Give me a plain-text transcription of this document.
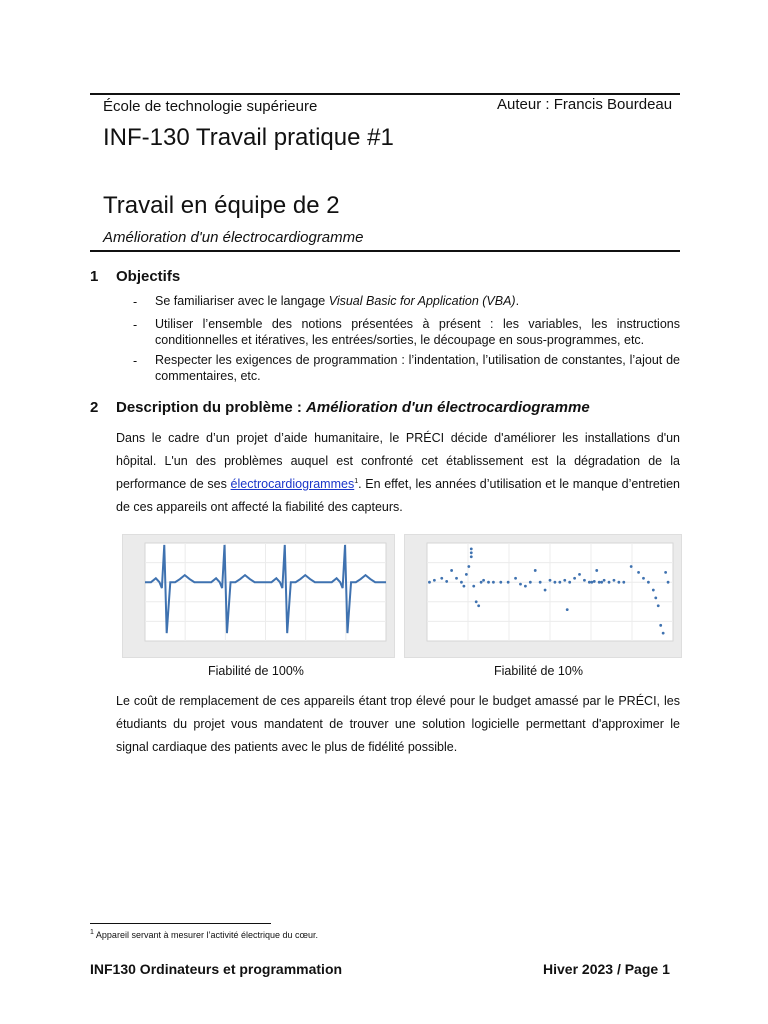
École de technologie supérieure	Auteur : Francis Bourdeau
INF-130 Travail pratique #1
Travail en équipe de 2
Amélioration d'un électrocardiogramme
1 Objectifs
- Se familiariser avec le langage Visual Basic for Application (VBA).
- Utiliser l’ensemble des notions présentées à présent : les variables, les instructions conditionnelles et itératives, les entrées/sorties, le découpage en sous-programmes, etc.
- Respecter les exigences de programmation : l’indentation, l’utilisation de constantes, l’ajout de commentaires, etc.
2 Description du problème : Amélioration d'un électrocardiogramme
Dans le cadre d’un projet d’aide humanitaire, le PRÉCI décide d'améliorer les installations d'un hôpital. L'un des problèmes auquel est confronté cet établissement est la dégradation de la performance de ses électrocardiogrammes$^1$. En effet, les années d’utilisation et le manque d’entretien de ces appareils ont affecté la fiabilité des capteurs.
Fiabilité de 100%	Fiabilité de 10%
Le coût de remplacement de ces appareils étant trop élevé pour le budget amassé par le PRÉCI, les étudiants du projet vous mandatent de trouver une solution logicielle permettant d'approximer le signal cardiaque des patients avec le plus de fidélité possible.
$^1$ Appareil servant à mesurer l’activité électrique du cœur.
INF130 Ordinateurs et programmation	Hiver 2023 / Page 1
